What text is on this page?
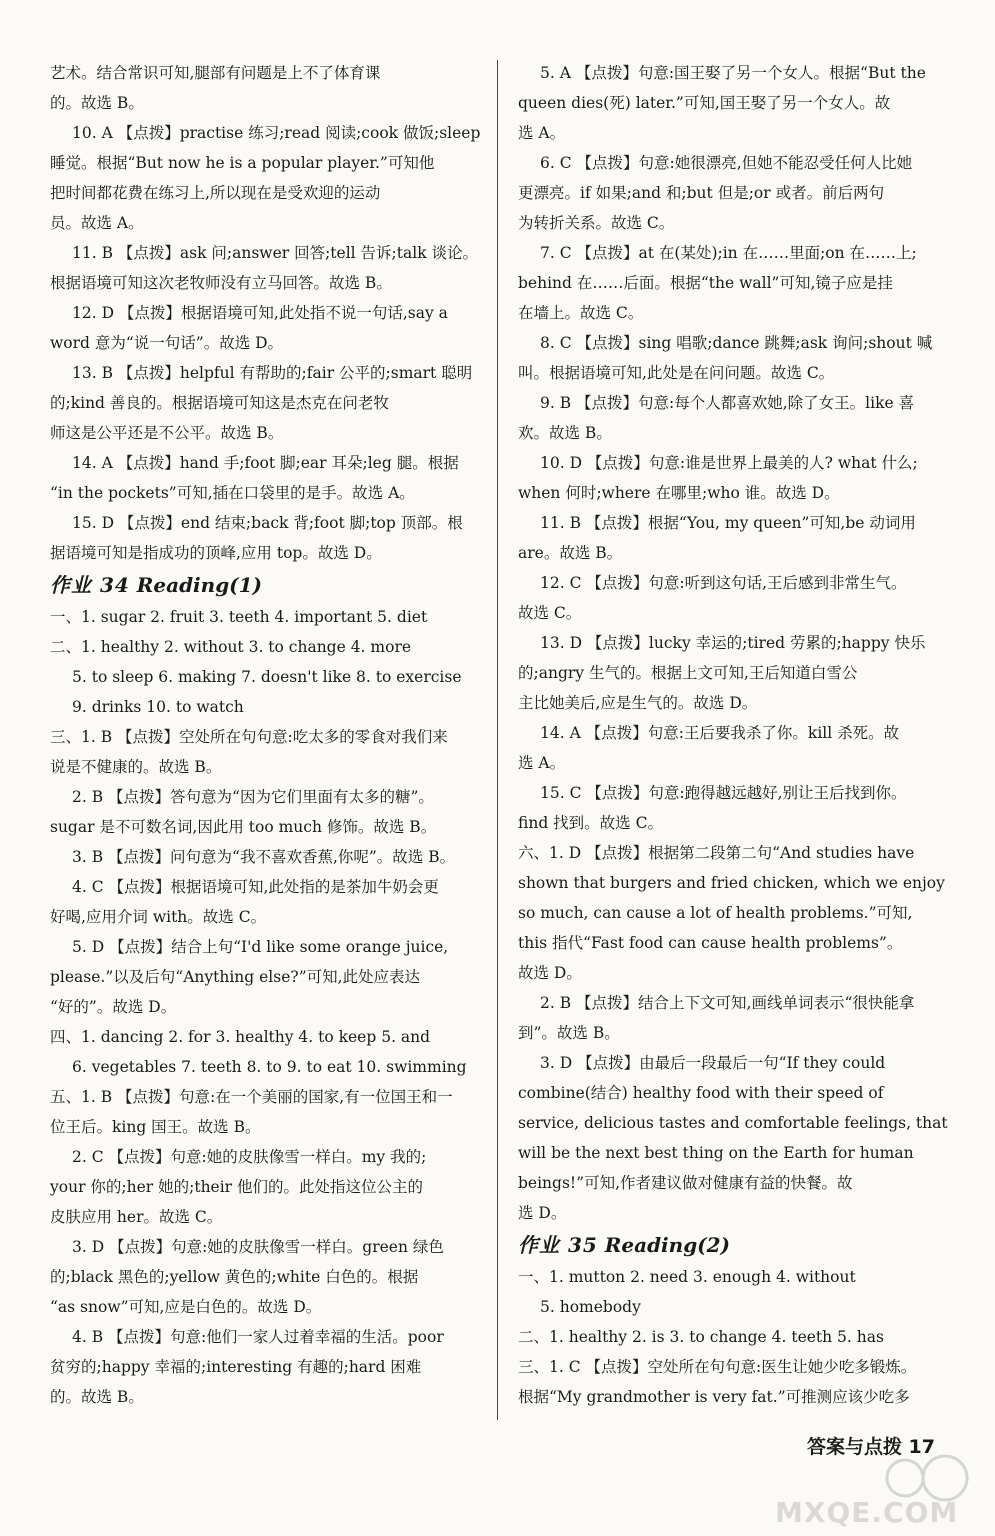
艺术。结合常识可知,腿部有问题是上不了体育课
的。故选 B。
10. A 【点拨】practise 练习;read 阅读;cook 做饭;sleep
睡觉。根据“But now he is a popular player.”可知他
把时间都花费在练习上,所以现在是受欢迎的运动
员。故选 A。
11. B 【点拨】ask 问;answer 回答;tell 告诉;talk 谈论。
根据语境可知这次老牧师没有立马回答。故选 B。
12. D 【点拨】根据语境可知,此处指不说一句话,say a
word 意为“说一句话”。故选 D。
13. B 【点拨】helpful 有帮助的;fair 公平的;smart 聪明
的;kind 善良的。根据语境可知这是杰克在问老牧
师这是公平还是不公平。故选 B。
14. A 【点拨】hand 手;foot 脚;ear 耳朵;leg 腿。根据
“in the pockets”可知,插在口袋里的是手。故选 A。
15. D 【点拨】end 结束;back 背;foot 脚;top 顶部。根
据语境可知是指成功的顶峰,应用 top。故选 D。
作业 34 Reading(1)
一、1. sugar 2. fruit 3. teeth 4. important 5. diet
二、1. healthy 2. without 3. to change 4. more
5. to sleep 6. making 7. doesn't like 8. to exercise
9. drinks 10. to watch
三、1. B 【点拨】空处所在句句意:吃太多的零食对我们来
说是不健康的。故选 B。
2. B 【点拨】答句意为“因为它们里面有太多的糖”。
sugar 是不可数名词,因此用 too much 修饰。故选 B。
3. B 【点拨】问句意为“我不喜欢香蕉,你呢”。故选 B。
4. C 【点拨】根据语境可知,此处指的是茶加牛奶会更
好喝,应用介词 with。故选 C。
5. D 【点拨】结合上句“I'd like some orange juice,
please.”以及后句“Anything else?”可知,此处应表达
“好的”。故选 D。
四、1. dancing 2. for 3. healthy 4. to keep 5. and
6. vegetables 7. teeth 8. to 9. to eat 10. swimming
五、1. B 【点拨】句意:在一个美丽的国家,有一位国王和一
位王后。king 国王。故选 B。
2. C 【点拨】句意:她的皮肤像雪一样白。my 我的;
your 你的;her 她的;their 他们的。此处指这位公主的
皮肤应用 her。故选 C。
3. D 【点拨】句意:她的皮肤像雪一样白。green 绿色
的;black 黑色的;yellow 黄色的;white 白色的。根据
“as snow”可知,应是白色的。故选 D。
4. B 【点拨】句意:他们一家人过着幸福的生活。poor
贫穷的;happy 幸福的;interesting 有趣的;hard 困难
的。故选 B。
5. A 【点拨】句意:国王娶了另一个女人。根据“But the
queen dies(死) later.”可知,国王娶了另一个女人。故
选 A。
6. C 【点拨】句意:她很漂亮,但她不能忍受任何人比她
更漂亮。if 如果;and 和;but 但是;or 或者。前后两句
为转折关系。故选 C。
7. C 【点拨】at 在(某处);in 在……里面;on 在……上;
behind 在……后面。根据“the wall”可知,镜子应是挂
在墙上。故选 C。
8. C 【点拨】sing 唱歌;dance 跳舞;ask 询问;shout 喊
叫。根据语境可知,此处是在问问题。故选 C。
9. B 【点拨】句意:每个人都喜欢她,除了女王。like 喜
欢。故选 B。
10. D 【点拨】句意:谁是世界上最美的人? what 什么;
when 何时;where 在哪里;who 谁。故选 D。
11. B 【点拨】根据“You, my queen”可知,be 动词用
are。故选 B。
12. C 【点拨】句意:听到这句话,王后感到非常生气。
故选 C。
13. D 【点拨】lucky 幸运的;tired 劳累的;happy 快乐
的;angry 生气的。根据上文可知,王后知道白雪公
主比她美后,应是生气的。故选 D。
14. A 【点拨】句意:王后要我杀了你。kill 杀死。故
选 A。
15. C 【点拨】句意:跑得越远越好,别让王后找到你。
find 找到。故选 C。
六、1. D 【点拨】根据第二段第二句“And studies have
shown that burgers and fried chicken, which we enjoy
so much, can cause a lot of health problems.”可知,
this 指代“Fast food can cause health problems”。
故选 D。
2. B 【点拨】结合上下文可知,画线单词表示“很快能拿
到”。故选 B。
3. D 【点拨】由最后一段最后一句“If they could
combine(结合) healthy food with their speed of
service, delicious tastes and comfortable feelings, that
will be the next best thing on the Earth for human
beings!”可知,作者建议做对健康有益的快餐。故
选 D。
作业 35 Reading(2)
一、1. mutton 2. need 3. enough 4. without
5. homebody
二、1. healthy 2. is 3. to change 4. teeth 5. has
三、1. C 【点拨】空处所在句句意:医生让她少吃多锻炼。
根据“My grandmother is very fat.”可推测应该少吃多
答案与点拨 17
MXQE.COM
